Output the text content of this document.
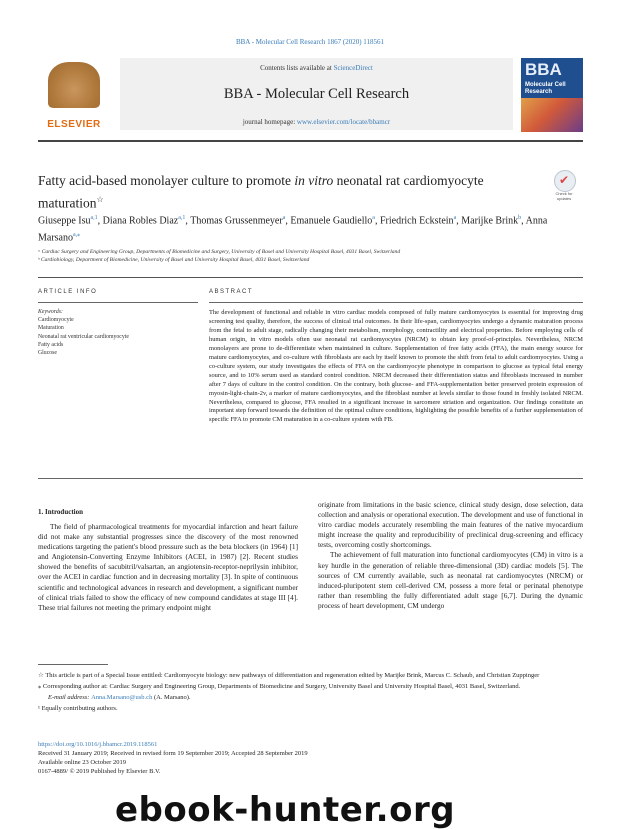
BBA - Molecular Cell Research 1867 (2020) 118561
ELSEVIER
Contents lists available at ScienceDirect
BBA - Molecular Cell Research
journal homepage: www.elsevier.com/locate/bbamcr
BBA
Molecular Cell Research
Fatty acid-based monolayer culture to promote in vitro neonatal rat cardiomyocyte maturation☆
✔
Check for updates
Giuseppe Isu$^{a,1}$, Diana Robles Diaz$^{a,1}$, Thomas Grussenmeyer$^a$, Emanuele Gaudiello$^a$, Friedrich Eckstein$^a$, Marijke Brink$^b$, Anna Marsano$^{a,⁎}$
ᵃ Cardiac Surgery and Engineering Group, Departments of Biomedicine and Surgery, University of Basel and University Hospital Basel, 4031 Basel, Switzerland
ᵇ Cardiobiology, Department of Biomedicine, University of Basel and University Hospital Basel, 4031 Basel, Switzerland
ARTICLE INFO	ABSTRACT
Keywords:
Cardiomyocyte
Maturation
Neonatal rat ventricular cardiomyocyte
Fatty acids
Glucose
The development of functional and reliable in vitro cardiac models composed of fully mature cardiomyocytes is essential for improving drug screening test quality, therefore, the success of clinical trial outcomes. In their life-span, cardiomyocytes undergo a dynamic maturation process from the fetal to adult stage, radically changing their metabolism, morphology, contractility and electrical properties. Before employing cells of human origin, in vitro models often use neonatal rat cardiomyocytes (NRCM) to obtain key proof-of-principles. Nevertheless, NRCM monolayers are prone to de-differentiate when maintained in culture. Supplementation of free fatty acids (FFA), the main energy source for mature cardiomyocytes, and co-culture with fibroblasts are each by itself known to promote the shift from fetal to adult cardiomyocytes. Using a co-culture system, our study investigates the effects of FFA on the cardiomyocyte phenotype in comparison to glucose as typical fetal energy source, and to 10% serum used as standard control condition. NRCM decreased their differentiation status and fibroblasts increased in number after 7 days of culture in the control condition. On the contrary, both glucose- and FFA-supplementation better preserved protein expression of myosin-light-chain-2v, a marker of mature cardiomyocytes, and the fibroblast number at levels similar to those found in freshly isolated NRCM. Nevertheless, compared to glucose, FFA resulted in a significant increase in sarcomere striation and organization. Our findings constitute an important step forward towards the definition of the optimal culture conditions, highlighting the possible benefits of a further supplementation of specific FFA to promote CM maturation in a co-culture system with FB.
1. Introduction
The field of pharmacological treatments for myocardial infarction and heart failure did not make any substantial progresses since the discovery of the most renowned medications targeting the patient's blood pressure such as the beta blockers (in 1964) [1] and Angiotensin-Converting Enzyme Inhibitors (ACEI, in 1987) [2]. Recent studies showed the benefits of sacubitril/valsartan, an angiotensin-receptor-neprilysin inhibitor, over the ACEI in cardiac function and in decreasing mortality [3]. In spite of continuous scientific and technological advances in research and development, a significant number of clinical trials failed to show the efficacy of new compound candidates at stage III [4]. These trial failures not meeting the primary endpoint might
originate from limitations in the basic science, clinical study design, dose selection, data collection and analysis or operational execution. The development and use of functional in vitro cardiac models accurately resembling the main features of the native myocardium might increase the quality and reproducibility of preclinical drug-screening and efficacy tests, overcoming costly shortcomings.
The achievement of full maturation into functional cardiomyocytes (CM) in vitro is a key hurdle in the generation of reliable three-dimensional (3D) cardiac models [5]. The sources of CM currently available, such as neonatal rat cardiomyocytes (NRCM) or induced-pluripotent stem cell-derived CM, possess a more fetal or perinatal phenotype rather than resembling the fully differentiated adult stage [6,7]. During the dynamic process of heart development, CM undergo

☆ This article is part of a Special Issue entitled: Cardiomyocyte biology: new pathways of differentiation and regeneration edited by Marijke Brink, Marcus C. Schaub, and Christian Zuppinger

⁎ Corresponding author at: Cardiac Surgery and Engineering Group, Departments of Biomedicine and Surgery, University Basel and University Hospital Basel, 4031 Basel, Switzerland.

E-mail address: Anna.Marsano@usb.ch (A. Marsano).

¹ Equally contributing authors.

https://doi.org/10.1016/j.bbamcr.2019.118561
Received 31 January 2019; Received in revised form 19 September 2019; Accepted 28 September 2019
Available online 23 October 2019
0167-4889/ © 2019 Published by Elsevier B.V.
ebook-hunter.org
